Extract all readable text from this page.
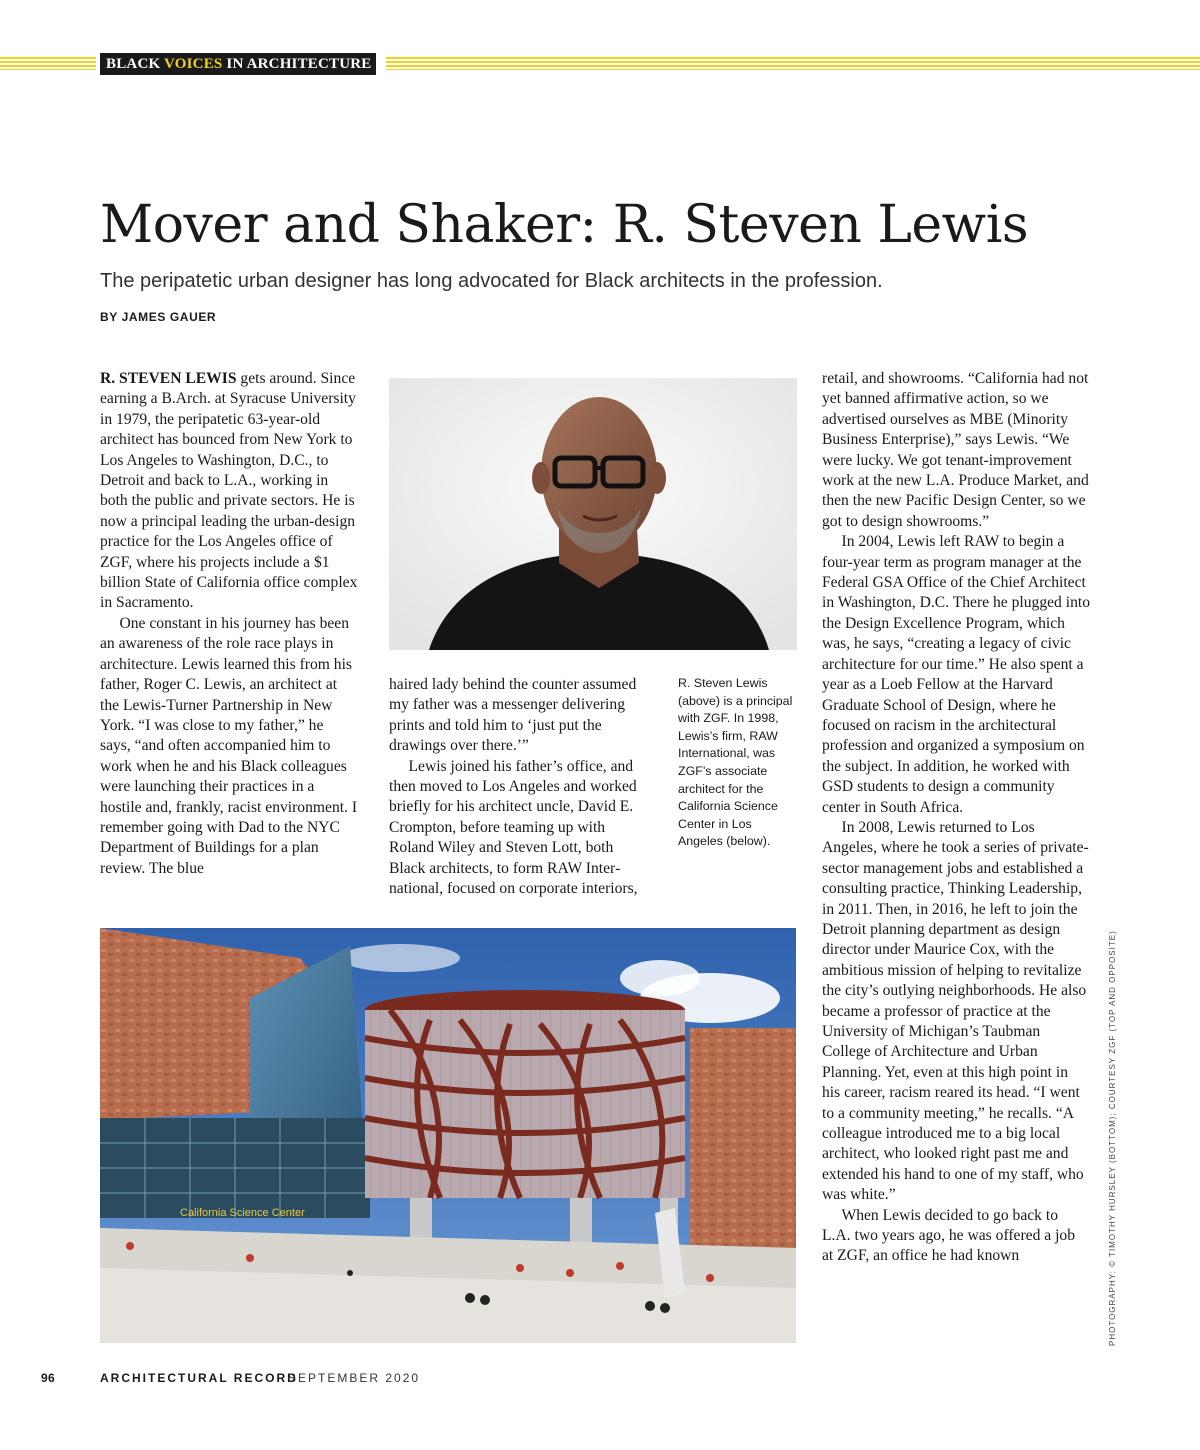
BLACK VOICES IN ARCHITECTURE
Mover and Shaker: R. Steven Lewis

The peripatetic urban designer has long advocated for Black architects in the profession.

BY JAMES GAUER

R. STEVEN LEWIS gets around. Since earning a B.Arch. at Syracuse University in 1979, the peripatetic 63-year-old architect has bounced from New York to Los Angeles to Washington, D.C., to Detroit and back to L.A., working in both the public and private sectors. He is now a principal leading the urban-design practice for the Los Angeles office of ZGF, where his projects include a $1 billion State of California office complex in Sacramento.

One constant in his journey has been an awareness of the role race plays in architecture. Lewis learned this from his father, Roger C. Lewis, an architect at the Lewis-Turner Partnership in New York. “I was close to my father,” he says, “and often accompanied him to work when he and his Black colleagues were launching their practices in a hostile and, frankly, racist environment. I remember going with Dad to the NYC Department of Buildings for a plan review. The blue

haired lady behind the counter assumed my father was a messenger delivering prints and told him to ‘just put the drawings over there.’”

Lewis joined his father’s office, and then moved to Los Angeles and worked briefly for his architect uncle, David E. Crompton, before teaming up with Roland Wiley and Steven Lott, both Black architects, to form RAW International, focused on corporate interiors,

R. Steven Lewis (above) is a principal with ZGF. In 1998, Lewis’s firm, RAW International, was ZGF’s associate architect for the California Science Center in Los Angeles (below).

retail, and showrooms. “California had not yet banned affirmative action, so we advertised ourselves as MBE (Minority Business Enterprise),” says Lewis. “We were lucky. We got tenant-improvement work at the new L.A. Produce Market, and then the new Pacific Design Center, so we got to design showrooms.”

In 2004, Lewis left RAW to begin a four-year term as program manager at the Federal GSA Office of the Chief Architect in Washington, D.C. There he plugged into the Design Excellence Program, which was, he says, “creating a legacy of civic architecture for our time.” He also spent a year as a Loeb Fellow at the Harvard Graduate School of Design, where he focused on racism in the architectural profession and organized a symposium on the subject. In addition, he worked with GSD students to design a community center in South Africa.

In 2008, Lewis returned to Los Angeles, where he took a series of private-sector management jobs and established a consulting practice, Thinking Leadership, in 2011. Then, in 2016, he left to join the Detroit planning department as design director under Maurice Cox, with the ambitious mission of helping to revitalize the city’s outlying neighborhoods. He also became a professor of practice at the University of Michigan’s Taubman College of Architecture and Urban Planning. Yet, even at this high point in his career, racism reared its head. “I went to a community meeting,” he recalls. “A colleague introduced me to a big local architect, who looked right past me and extended his hand to one of my staff, who was white.”

When Lewis decided to go back to L.A. two years ago, he was offered a job at ZGF, an office he had known

California Science Center	PHOTOGRAPHY: © TIMOTHY HURSLEY (BOTTOM); COURTESY ZGF (TOP AND OPPOSITE)
96	ARCHITECTURAL RECORD
SEPTEMBER 2020
